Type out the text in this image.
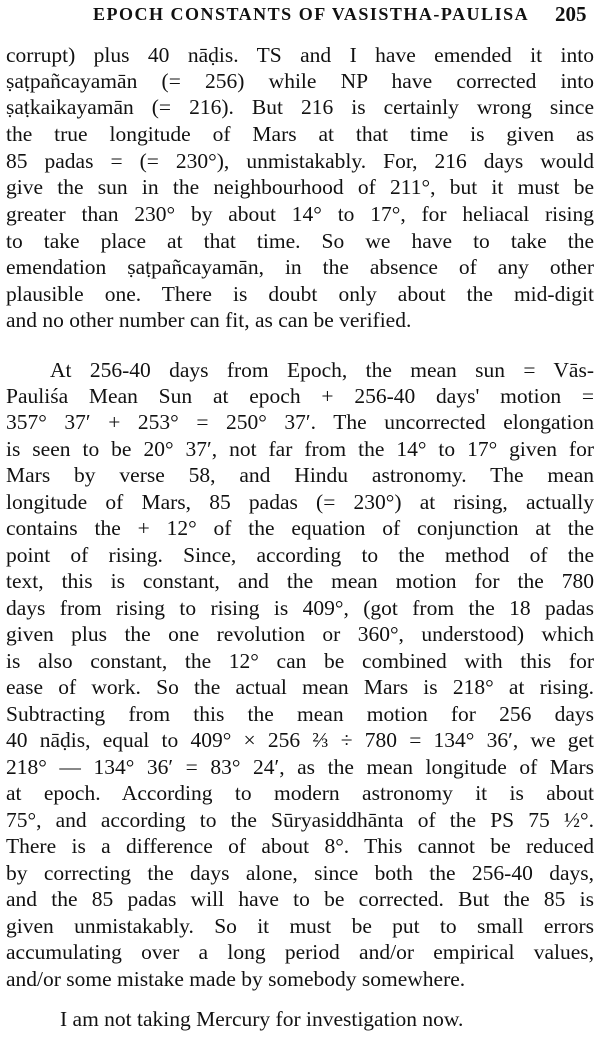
EPOCH CONSTANTS OF VASISTHA-PAULISA 205
corrupt) plus 40 nāḍis. TS and I have emended it into
ṣaṭpañcayamān (= 256) while NP have corrected into
ṣaṭkaikayamān (= 216). But 216 is certainly wrong since
the true longitude of Mars at that time is given as
85 padas = (= 230°), unmistakably. For, 216 days would
give the sun in the neighbourhood of 211°, but it must be
greater than 230° by about 14° to 17°, for heliacal rising
to take place at that time. So we have to take the
emendation ṣaṭpañcayamān, in the absence of any other
plausible one. There is doubt only about the mid-digit
and no other number can fit, as can be verified.
At 256-40 days from Epoch, the mean sun = Vās-
Pauliśa Mean Sun at epoch + 256-40 days' motion =
357° 37′ + 253° = 250° 37′. The uncorrected elongation
is seen to be 20° 37′, not far from the 14° to 17° given for
Mars by verse 58, and Hindu astronomy. The mean
longitude of Mars, 85 padas (= 230°) at rising, actually
contains the + 12° of the equation of conjunction at the
point of rising. Since, according to the method of the
text, this is constant, and the mean motion for the 780
days from rising to rising is 409°, (got from the 18 padas
given plus the one revolution or 360°, understood) which
is also constant, the 12° can be combined with this for
ease of work. So the actual mean Mars is 218° at rising.
Subtracting from this the mean motion for 256 days
40 nāḍis, equal to 409° × 256 ⅔ ÷ 780 = 134° 36′, we get
218° — 134° 36′ = 83° 24′, as the mean longitude of Mars
at epoch. According to modern astronomy it is about
75°, and according to the Sūryasiddhānta of the PS 75 ½°.
There is a difference of about 8°. This cannot be reduced
by correcting the days alone, since both the 256-40 days,
and the 85 padas will have to be corrected. But the 85 is
given unmistakably. So it must be put to small errors
accumulating over a long period and/or empirical values,
and/or some mistake made by somebody somewhere.
I am not taking Mercury for investigation now.
